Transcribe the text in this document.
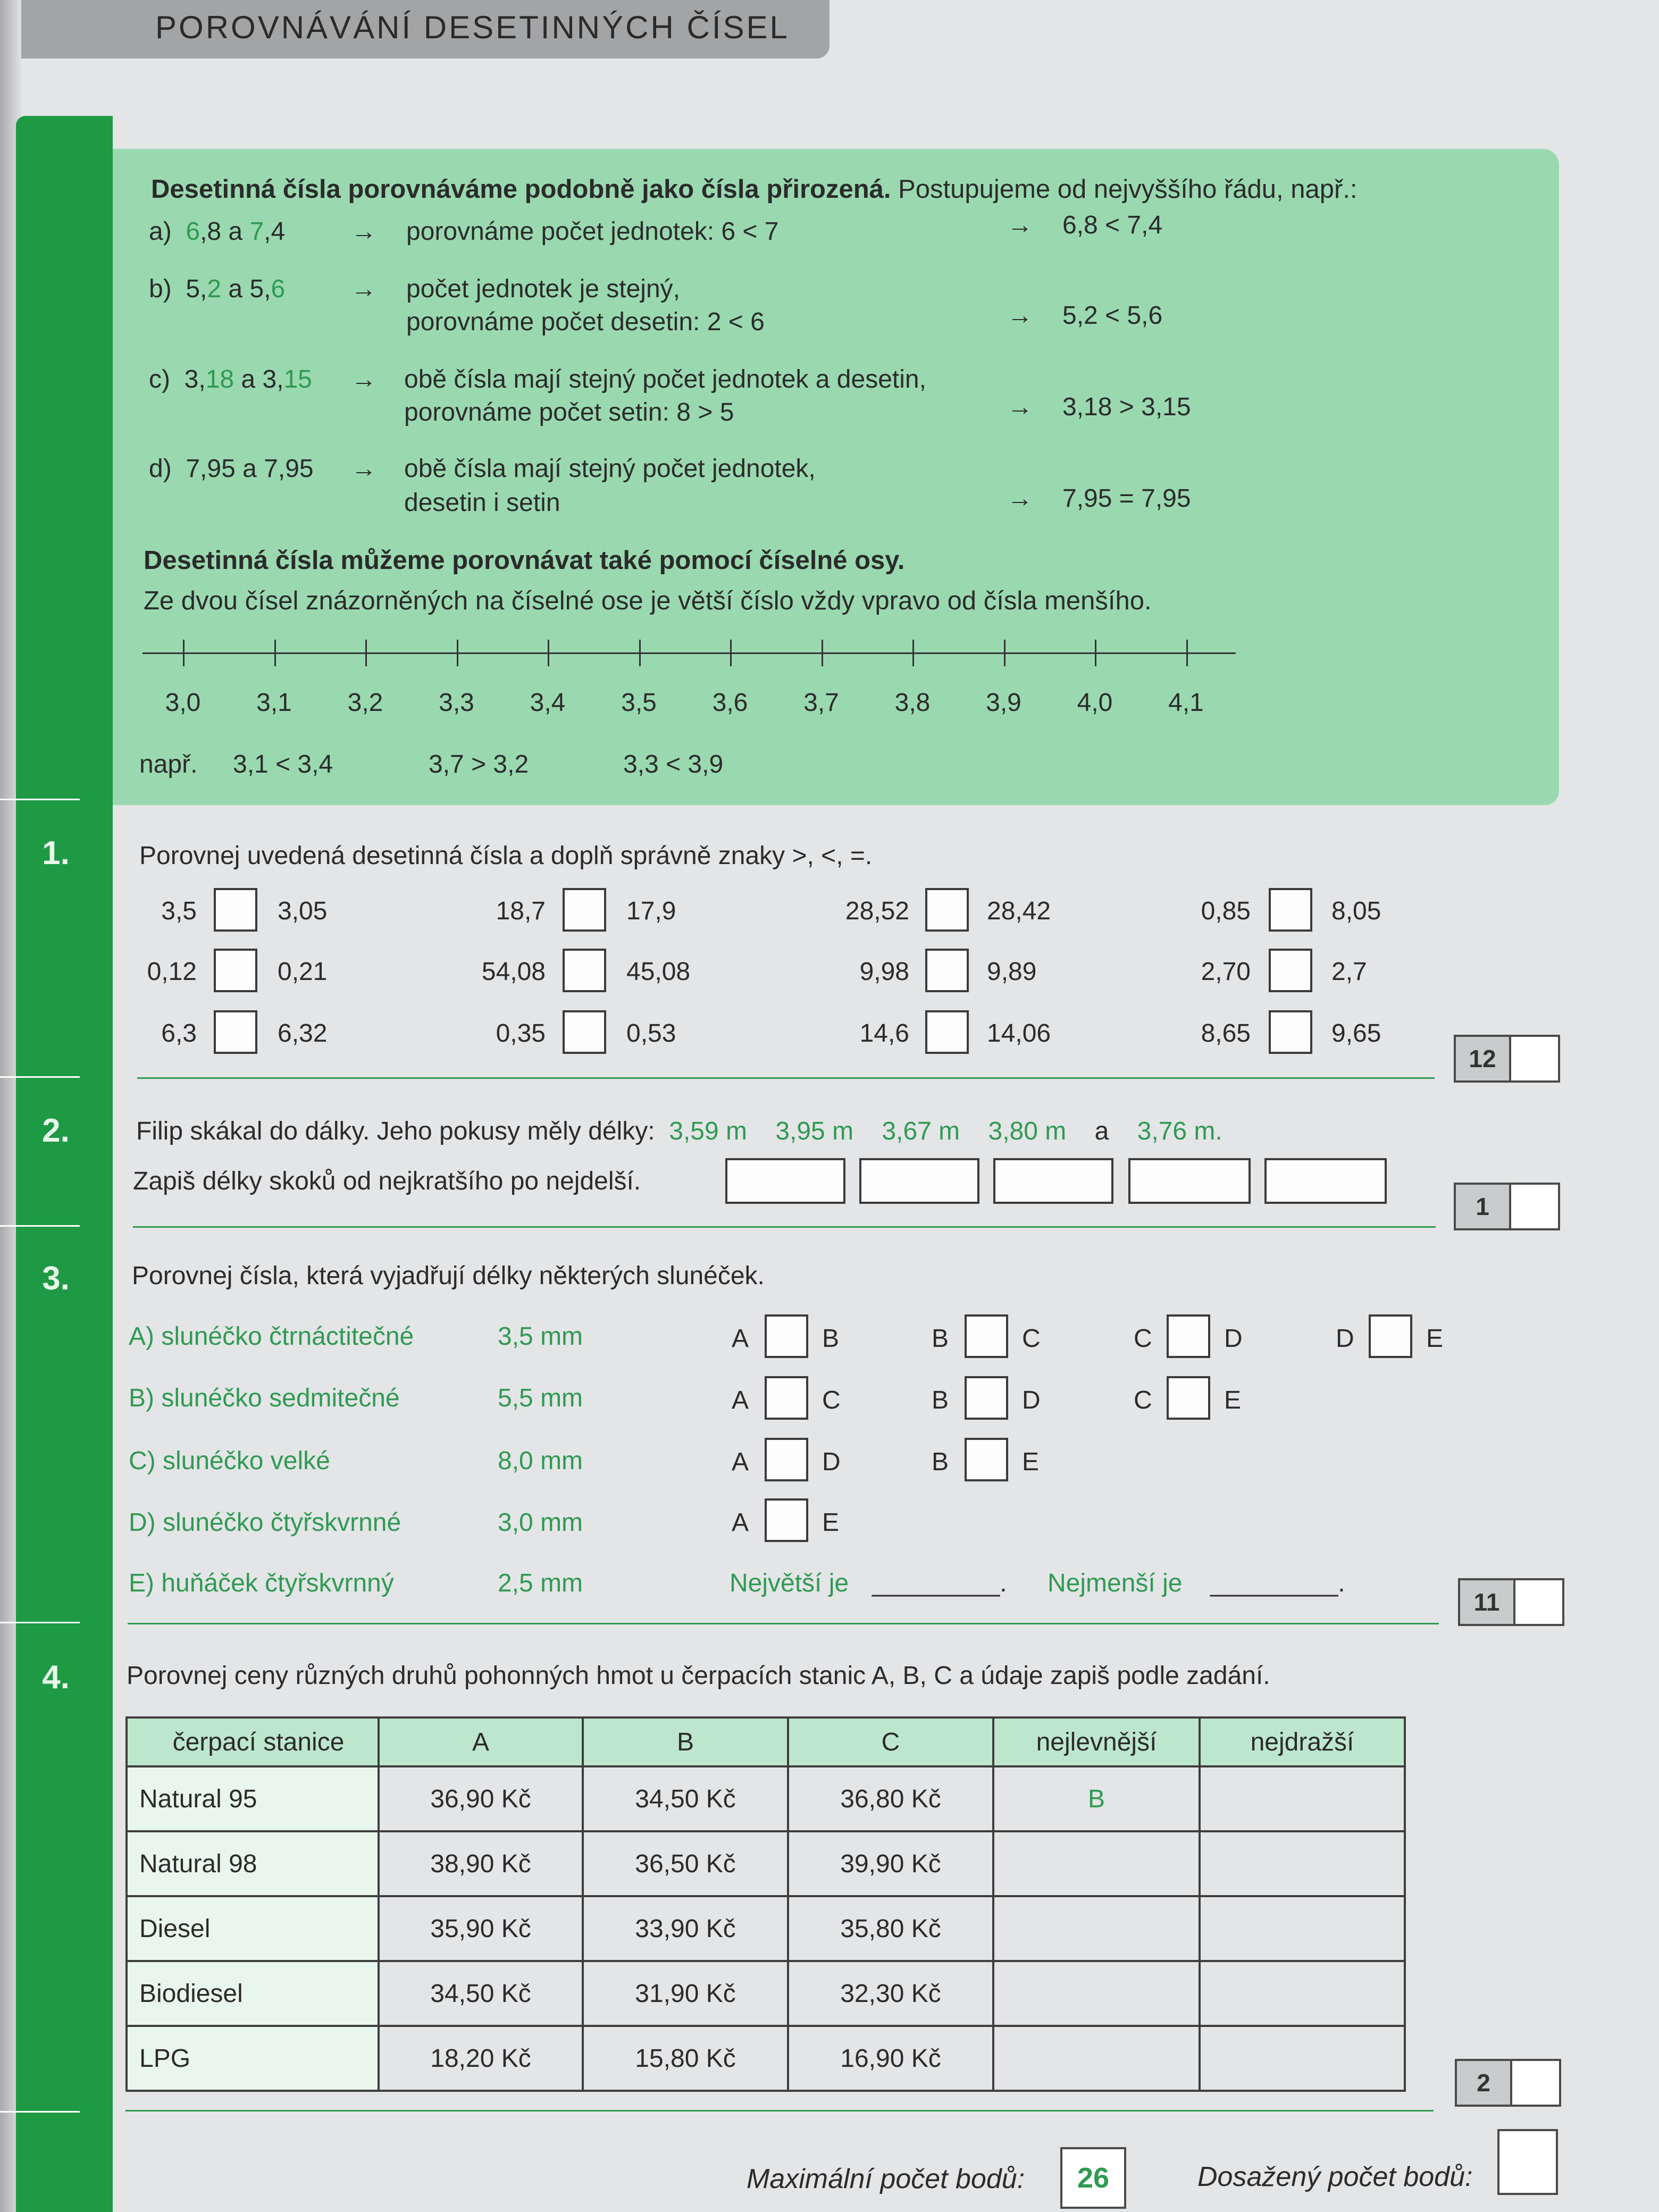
POROVNÁVÁNÍ DESETINNÝCH ČÍSEL
Desetinná čísla porovnáváme podobně jako čísla přirozená. Postupujeme od nejvyššího řádu, např.:
a) 6,8 a 7,4	→ porovnáme počet jednotek: 6 < 7	→ 6,8 < 7,4
b) 5,2 a 5,6	→ počet jednotek je stejný,
porovnáme počet desetin: 2 < 6	→ 5,2 < 5,6
c) 3,18 a 3,15 → obě čísla mají stejný počet jednotek a desetin,
porovnáme počet setin: 8 > 5	→ 3,18 > 3,15
d) 7,95 a 7,95 → obě čísla mají stejný počet jednotek,
desetin i setin	→ 7,95 = 7,95
Desetinná čísla můžeme porovnávat také pomocí číselné osy.
Ze dvou čísel znázorněných na číselné ose je větší číslo vždy vpravo od čísla menšího.
3,0 3,1 3,2 3,3 3,4 3,5 3,6 3,7 3,8 3,9 4,0 4,1
např. 3,1 < 3,4	3,7 > 3,2	3,3 < 3,9
1.	Porovnej uvedená desetinná čísla a doplň správně znaky >, <, =.
3,5	3,05	18,7	17,9	28,52	28,42	0,85	8,05
0,12	0,21	54,08	45,08	9,98	9,89	2,70	2,7
6,3	6,32	0,35	0,53	14,6	14,06	8,65	9,65
12
2.	Filip skákal do dálky. Jeho pokusy měly délky: 3,59 m 3,95 m 3,67 m 3,80 m a 3,76 m.
Zapiš délky skoků od nejkratšího po nejdelší.
1
3.	Porovnej čísla, která vyjadřují délky některých slunéček.
A) slunéčko čtrnáctitečné	3,5 mm
B) slunéčko sedmitečné	5,5 mm
C) slunéčko velké	8,0 mm
D) slunéčko čtyřskvrnné	3,0 mm
E) huňáček čtyřskvrnný	2,5 mm
A	B	B	C	C	D	D	E
A	C	B	D	C	E
A	D	B	E
A	E
Největší je _________. Nejmenší je _________.
11
4.	Porovnej ceny různých druhů pohonných hmot u čerpacích stanic A, B, C a údaje zapiš podle zadání.
čerpací stanice	A	B	C	nejlevnější	nejdražší
Natural 95	36,90 Kč	34,50 Kč	36,80 Kč	B	
Natural 98	38,90 Kč	36,50 Kč	39,90 Kč		
Diesel	35,90 Kč	33,90 Kč	35,80 Kč		
Biodiesel	34,50 Kč	31,90 Kč	32,30 Kč		
LPG	18,20 Kč	15,80 Kč	16,90 Kč		
2
Maximální počet bodů: 26	Dosažený počet bodů:
